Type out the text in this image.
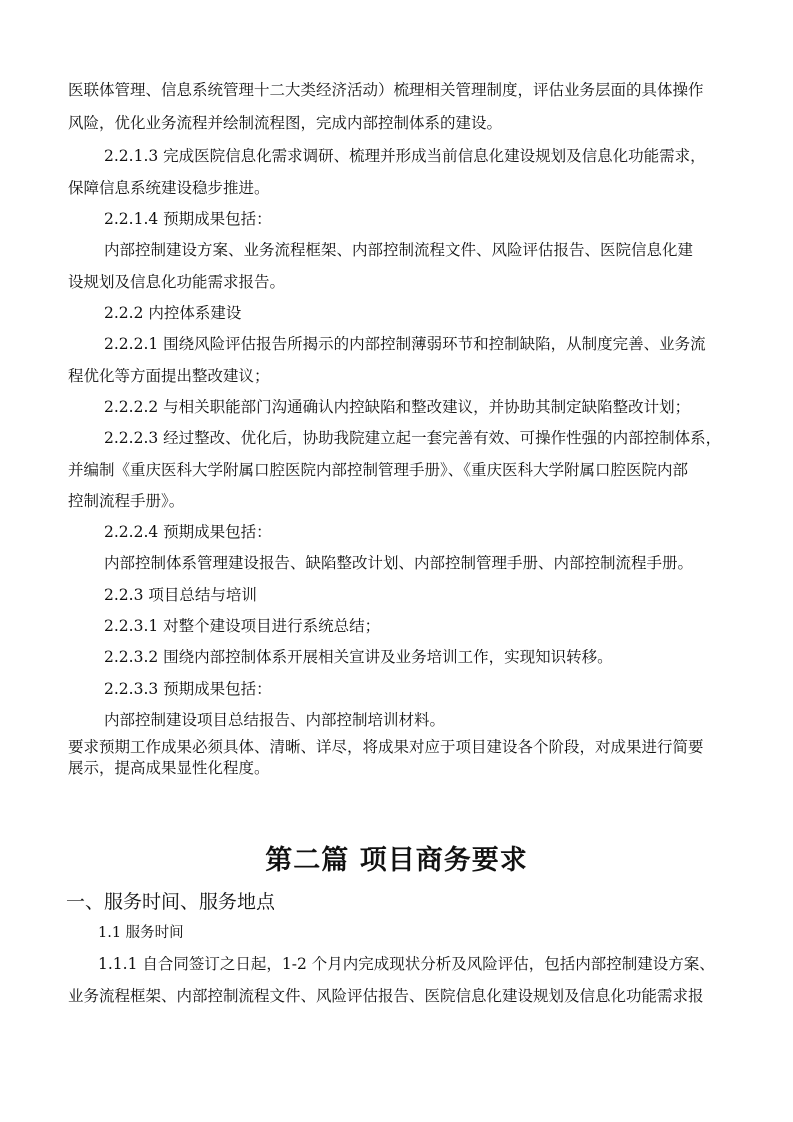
医联体管理、信息系统管理十二大类经济活动）梳理相关管理制度，评估业务层面的具体操作
风险，优化业务流程并绘制流程图，完成内部控制体系的建设。
2.2.1.3 完成医院信息化需求调研、梳理并形成当前信息化建设规划及信息化功能需求，
保障信息系统建设稳步推进。
2.2.1.4 预期成果包括：
内部控制建设方案、业务流程框架、内部控制流程文件、风险评估报告、医院信息化建
设规划及信息化功能需求报告。
2.2.2 内控体系建设
2.2.2.1 围绕风险评估报告所揭示的内部控制薄弱环节和控制缺陷，从制度完善、业务流
程优化等方面提出整改建议；
2.2.2.2 与相关职能部门沟通确认内控缺陷和整改建议，并协助其制定缺陷整改计划；
2.2.2.3 经过整改、优化后，协助我院建立起一套完善有效、可操作性强的内部控制体系，
并编制《重庆医科大学附属口腔医院内部控制管理手册》、《重庆医科大学附属口腔医院内部
控制流程手册》。
2.2.2.4 预期成果包括：
内部控制体系管理建设报告、缺陷整改计划、内部控制管理手册、内部控制流程手册。
2.2.3 项目总结与培训
2.2.3.1 对整个建设项目进行系统总结；
2.2.3.2 围绕内部控制体系开展相关宣讲及业务培训工作，实现知识转移。
2.2.3.3 预期成果包括：
内部控制建设项目总结报告、内部控制培训材料。
要求预期工作成果必须具体、清晰、详尽，将成果对应于项目建设各个阶段，对成果进行简要
展示，提高成果显性化程度。
第二篇 项目商务要求
一、服务时间、服务地点
1.1 服务时间
1.1.1 自合同签订之日起，1-2 个月内完成现状分析及风险评估，包括内部控制建设方案、
业务流程框架、内部控制流程文件、风险评估报告、医院信息化建设规划及信息化功能需求报
